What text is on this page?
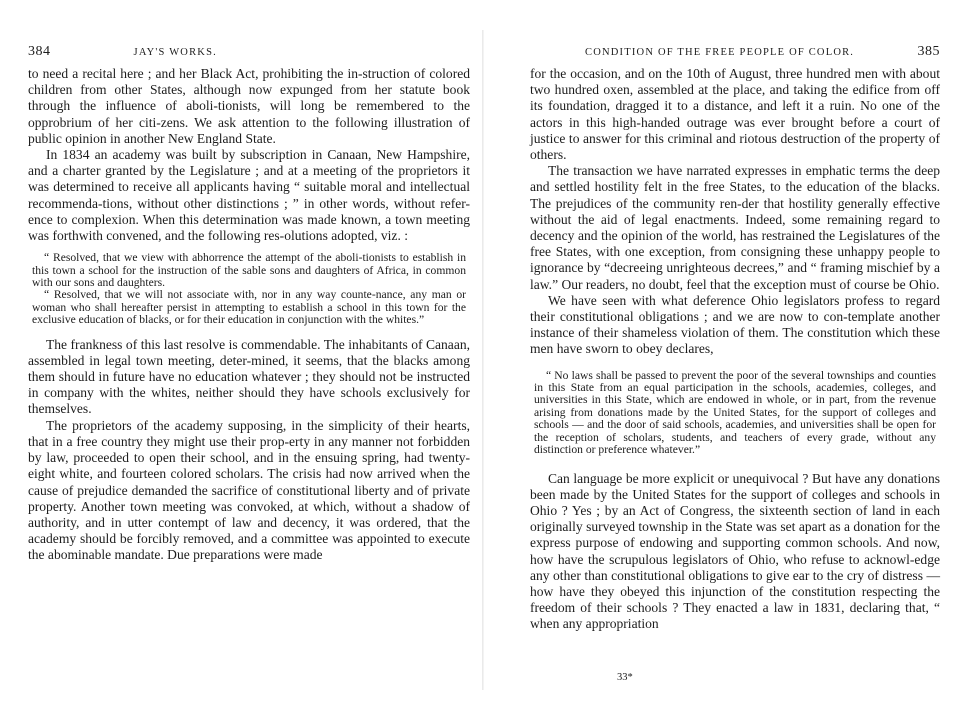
384	JAY'S WORKS.

to need a recital here ; and her Black Act, prohibiting the in-struction of colored children from other States, although now expunged from her statute book through the influence of aboli-tionists, will long be remembered to the opprobrium of her citi-zens. We ask attention to the following illustration of public opinion in another New England State.

In 1834 an academy was built by subscription in Canaan, New Hampshire, and a charter granted by the Legislature ; and at a meeting of the proprietors it was determined to receive all applicants having “ suitable moral and intellectual recommenda-tions, without other distinctions ; ” in other words, without refer-ence to complexion. When this determination was made known, a town meeting was forthwith convened, and the following res-olutions adopted, viz. :

“ Resolved, that we view with abhorrence the attempt of the aboli-tionists to establish in this town a school for the instruction of the sable sons and daughters of Africa, in common with our sons and daughters.

“ Resolved, that we will not associate with, nor in any way counte-nance, any man or woman who shall hereafter persist in attempting to establish a school in this town for the exclusive education of blacks, or for their education in conjunction with the whites.”

The frankness of this last resolve is commendable. The inhabitants of Canaan, assembled in legal town meeting, deter-mined, it seems, that the blacks among them should in future have no education whatever ; they should not be instructed in company with the whites, neither should they have schools exclusively for themselves.

The proprietors of the academy supposing, in the simplicity of their hearts, that in a free country they might use their prop-erty in any manner not forbidden by law, proceeded to open their school, and in the ensuing spring, had twenty-eight white, and fourteen colored scholars. The crisis had now arrived when the cause of prejudice demanded the sacrifice of constitutional liberty and of private property. Another town meeting was convoked, at which, without a shadow of authority, and in utter contempt of law and decency, it was ordered, that the academy should be forcibly removed, and a committee was appointed to execute the abominable mandate. Due preparations were made

CONDITION OF THE FREE PEOPLE OF COLOR.	385

for the occasion, and on the 10th of August, three hundred men with about two hundred oxen, assembled at the place, and taking the edifice from off its foundation, dragged it to a distance, and left it a ruin. No one of the actors in this high-handed outrage was ever brought before a court of justice to answer for this criminal and riotous destruction of the property of others.

The transaction we have narrated expresses in emphatic terms the deep and settled hostility felt in the free States, to the education of the blacks. The prejudices of the community ren-der that hostility generally effective without the aid of legal enactments. Indeed, some remaining regard to decency and the opinion of the world, has restrained the Legislatures of the free States, with one exception, from consigning these unhappy people to ignorance by “decreeing unrighteous decrees,” and “ framing mischief by a law.” Our readers, no doubt, feel that the exception must of course be Ohio.

We have seen with what deference Ohio legislators profess to regard their constitutional obligations ; and we are now to con-template another instance of their shameless violation of them. The constitution which these men have sworn to obey declares,

“ No laws shall be passed to prevent the poor of the several townships and counties in this State from an equal participation in the schools, academies, colleges, and universities in this State, which are endowed in whole, or in part, from the revenue arising from donations made by the United States, for the support of colleges and schools — and the door of said schools, academies, and universities shall be open for the reception of scholars, students, and teachers of every grade, without any distinction or preference whatever.”

Can language be more explicit or unequivocal ? But have any donations been made by the United States for the support of colleges and schools in Ohio ? Yes ; by an Act of Congress, the sixteenth section of land in each originally surveyed township in the State was set apart as a donation for the express purpose of endowing and supporting common schools. And now, how have the scrupulous legislators of Ohio, who refuse to acknowl-edge any other than constitutional obligations to give ear to the cry of distress — how have they obeyed this injunction of the constitution respecting the freedom of their schools ? They enacted a law in 1831, declaring that, “ when any appropriation

33*
